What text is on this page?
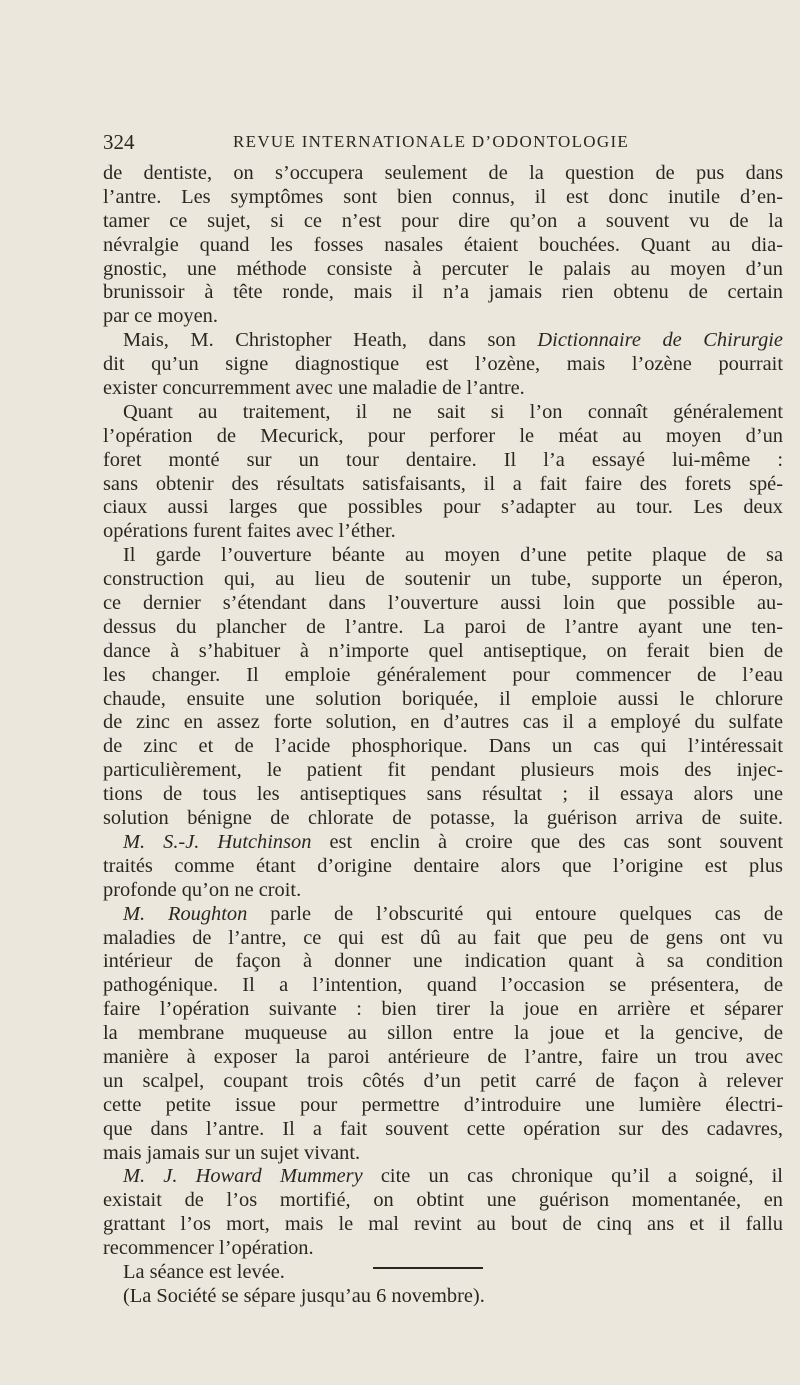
324	REVUE INTERNATIONALE D’ODONTOLOGIE
de dentiste, on s’occupera seulement de la question de pus dans
l’antre. Les symptômes sont bien connus, il est donc inutile d’en-
tamer ce sujet, si ce n’est pour dire qu’on a souvent vu de la
névralgie quand les fosses nasales étaient bouchées. Quant au dia-
gnostic, une méthode consiste à percuter le palais au moyen d’un
brunissoir à tête ronde, mais il n’a jamais rien obtenu de certain
par ce moyen.
Mais, M. Christopher Heath, dans son Dictionnaire de Chirurgie
dit qu’un signe diagnostique est l’ozène, mais l’ozène pourrait
exister concurremment avec une maladie de l’antre.
Quant au traitement, il ne sait si l’on connaît généralement
l’opération de Mecurick, pour perforer le méat au moyen d’un
foret monté sur un tour dentaire. Il l’a essayé lui-même :
sans obtenir des résultats satisfaisants, il a fait faire des forets spé-
ciaux aussi larges que possibles pour s’adapter au tour. Les deux
opérations furent faites avec l’éther.
Il garde l’ouverture béante au moyen d’une petite plaque de sa
construction qui, au lieu de soutenir un tube, supporte un éperon,
ce dernier s’étendant dans l’ouverture aussi loin que possible au-
dessus du plancher de l’antre. La paroi de l’antre ayant une ten-
dance à s’habituer à n’importe quel antiseptique, on ferait bien de
les changer. Il emploie généralement pour commencer de l’eau
chaude, ensuite une solution boriquée, il emploie aussi le chlorure
de zinc en assez forte solution, en d’autres cas il a employé du sulfate
de zinc et de l’acide phosphorique. Dans un cas qui l’intéressait
particulièrement, le patient fit pendant plusieurs mois des injec-
tions de tous les antiseptiques sans résultat ; il essaya alors une
solution bénigne de chlorate de potasse, la guérison arriva de suite.
M. S.-J. Hutchinson est enclin à croire que des cas sont souvent
traités comme étant d’origine dentaire alors que l’origine est plus
profonde qu’on ne croit.
M. Roughton parle de l’obscurité qui entoure quelques cas de
maladies de l’antre, ce qui est dû au fait que peu de gens ont vu
intérieur de façon à donner une indication quant à sa condition
pathogénique. Il a l’intention, quand l’occasion se présentera, de
faire l’opération suivante : bien tirer la joue en arrière et séparer
la membrane muqueuse au sillon entre la joue et la gencive, de
manière à exposer la paroi antérieure de l’antre, faire un trou avec
un scalpel, coupant trois côtés d’un petit carré de façon à relever
cette petite issue pour permettre d’introduire une lumière électri-
que dans l’antre. Il a fait souvent cette opération sur des cadavres,
mais jamais sur un sujet vivant.
M. J. Howard Mummery cite un cas chronique qu’il a soigné, il
existait de l’os mortifié, on obtint une guérison momentanée, en
grattant l’os mort, mais le mal revint au bout de cinq ans et il fallu
recommencer l’opération.
La séance est levée.
(La Société se sépare jusqu’au 6 novembre).
